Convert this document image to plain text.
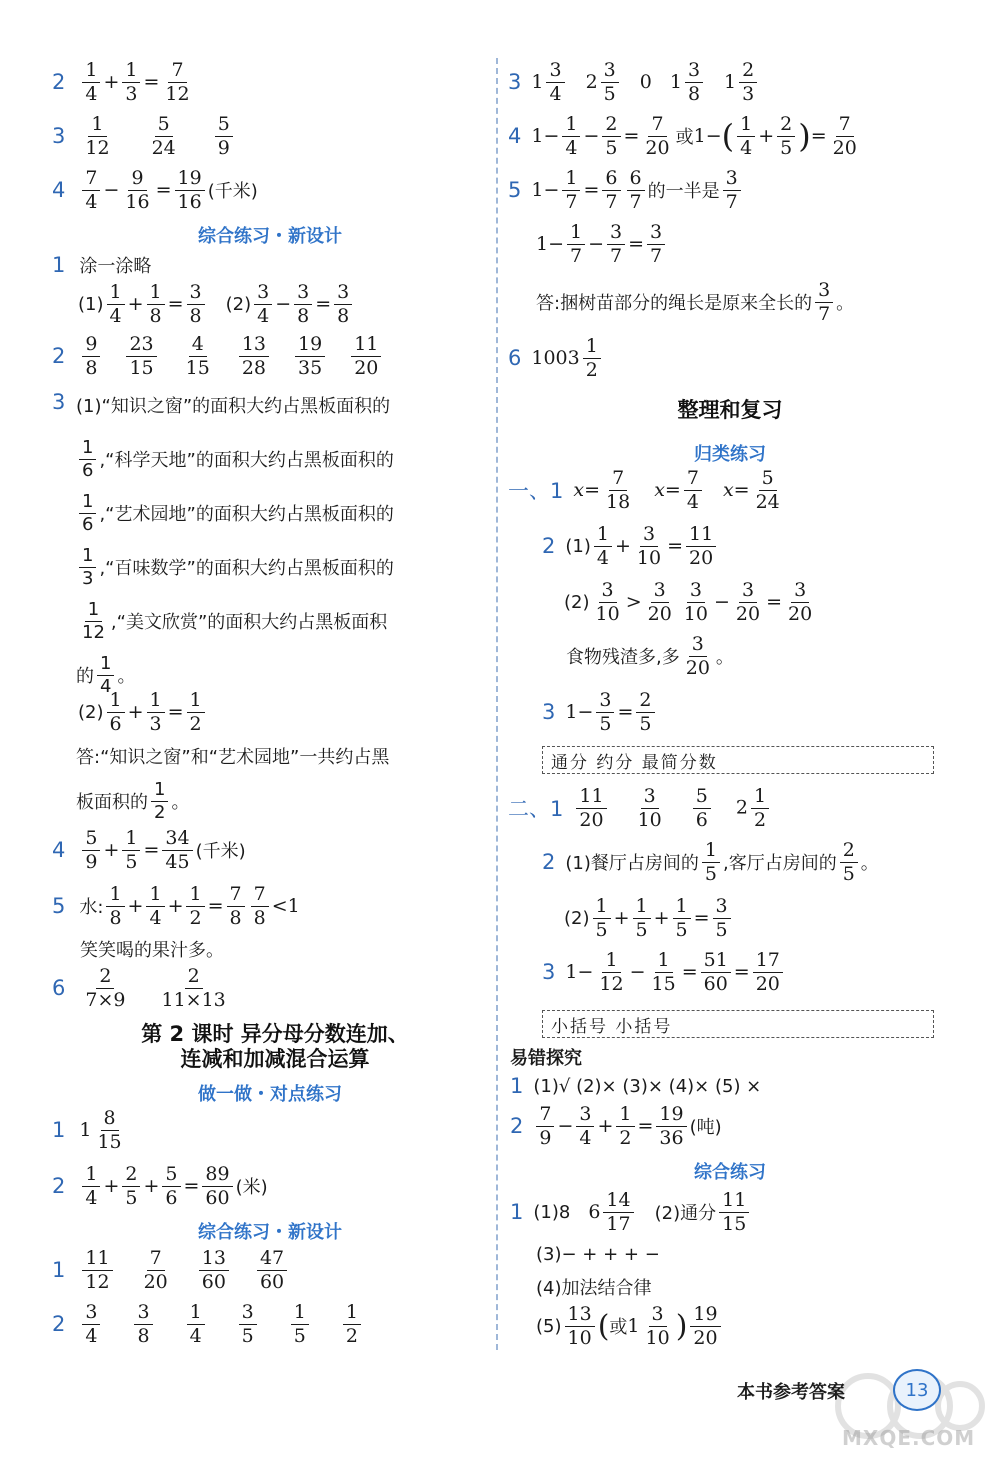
$2 \frac{1}{4} + \frac{1}{3} = \frac{7}{12}$
$3 \frac{1}{12} \frac{5}{24} \frac{5}{9}$
$4 \frac{7}{4} - \frac{9}{16} = \frac{19}{16}$ (千米)
综合练习・新设计
1 涂一涂略
$(1) \frac{1}{4} + \frac{1}{8} = \frac{3}{8} (2) \frac{3}{4} - \frac{3}{8} = \frac{3}{8}$
$2 \frac{9}{8} \frac{23}{15} \frac{4}{15} \frac{13}{28} \frac{19}{35} \frac{11}{20}$
3 (1)“知识之窗”的面积大约占黑板面积的
$\frac{1}{6}$ ,“科学天地”的面积大约占黑板面积的
$\frac{1}{6}$ ,“艺术园地”的面积大约占黑板面积的
$\frac{1}{3}$ ,“百味数学”的面积大约占黑板面积的
$\frac{1}{12}$ ,“美文欣赏”的面积大约占黑板面积
的 $\frac{1}{4}$ 。
$(2) \frac{1}{6} + \frac{1}{3} = \frac{1}{2}$
答:“知识之窗”和“艺术园地”一共约占黑
板面积的 $\frac{1}{2}$ 。
$4 \frac{5}{9} + \frac{1}{5} = \frac{34}{45}$ (千米)
5 水: $\frac{1}{8} + \frac{1}{4} + \frac{1}{2} = \frac{7}{8} \frac{7}{8} <1$
笑笑喝的果汁多。
$6 \frac{2}{7\times 9} \frac{2}{11\times 13}$
第 2 课时 异分母分数连加、
连减和加减混合运算
做一做・对点练习
1 $1 \frac{8}{15}$
$2 \frac{1}{4} + \frac{2}{5} + \frac{5}{6} = \frac{89}{60}$ (米)
综合练习・新设计
$1 \frac{11}{12} \frac{7}{20} \frac{13}{60} \frac{47}{60}$
$2 \frac{3}{4} \frac{3}{8} \frac{1}{4} \frac{3}{5} \frac{1}{5} \frac{1}{2}$
3 $1 \frac{3}{4} 2 \frac{3}{5} 0$ $1 \frac{3}{8} 1 \frac{2}{3}$
4 $1 - \frac{1}{4} - \frac{2}{5} = \frac{7}{20}$ 或 1 − ( $\frac{1}{4} + \frac{2}{5}$ ) = $\frac{7}{20}$
5 $1 - \frac{1}{7} = \frac{6}{7} \frac{6}{7}$ 的一半是 $\frac{3}{7}$
$1 - \frac{1}{7} - \frac{3}{7} = \frac{3}{7}$
答:捆树苗部分的绳长是原来全长的 $\frac{3}{7}$ 。
6 $1003 \frac{1}{2}$
整理和复习
归类练习
一、1 $x = \frac{7}{18}$ $x = \frac{7}{4}$ $x = \frac{5}{24}$
2 $(1) \frac{1}{4} + \frac{3}{10} = \frac{11}{20}$
$(2) \frac{3}{10} > \frac{3}{20} \frac{3}{10} - \frac{3}{20} = \frac{3}{20}$
食物残渣多,多 $\frac{3}{20}$ 。
3 $1 - \frac{3}{5} = \frac{2}{5}$
通分 约分 最简分数
二、$1 \frac{11}{20} \frac{3}{10} \frac{5}{6} 2 \frac{1}{2}$
2 (1)餐厅占房间的 $\frac{1}{5}$ ,客厅占房间的 $\frac{2}{5}$ 。
$(2) \frac{1}{5} + \frac{1}{5} + \frac{1}{5} = \frac{3}{5}$
3 $1 - \frac{1}{12} - \frac{1}{15} = \frac{51}{60} = \frac{17}{20}$
小括号 小括号
易错探究
1 (1)√ (2)× (3)× (4)× (5) ×
$2 \frac{7}{9} - \frac{3}{4} + \frac{1}{2} = \frac{19}{36}$ (吨)
综合练习
1 (1)8 $6 \frac{14}{17} (2)$通分 $\frac{11}{15}$
(3)− + + + −
(4)加法结合律
$(5) \frac{13}{10}$ ( 或 $1 \frac{3}{10}$ ) $\frac{19}{20}$
本书参考答案	13
MXQE.COM
